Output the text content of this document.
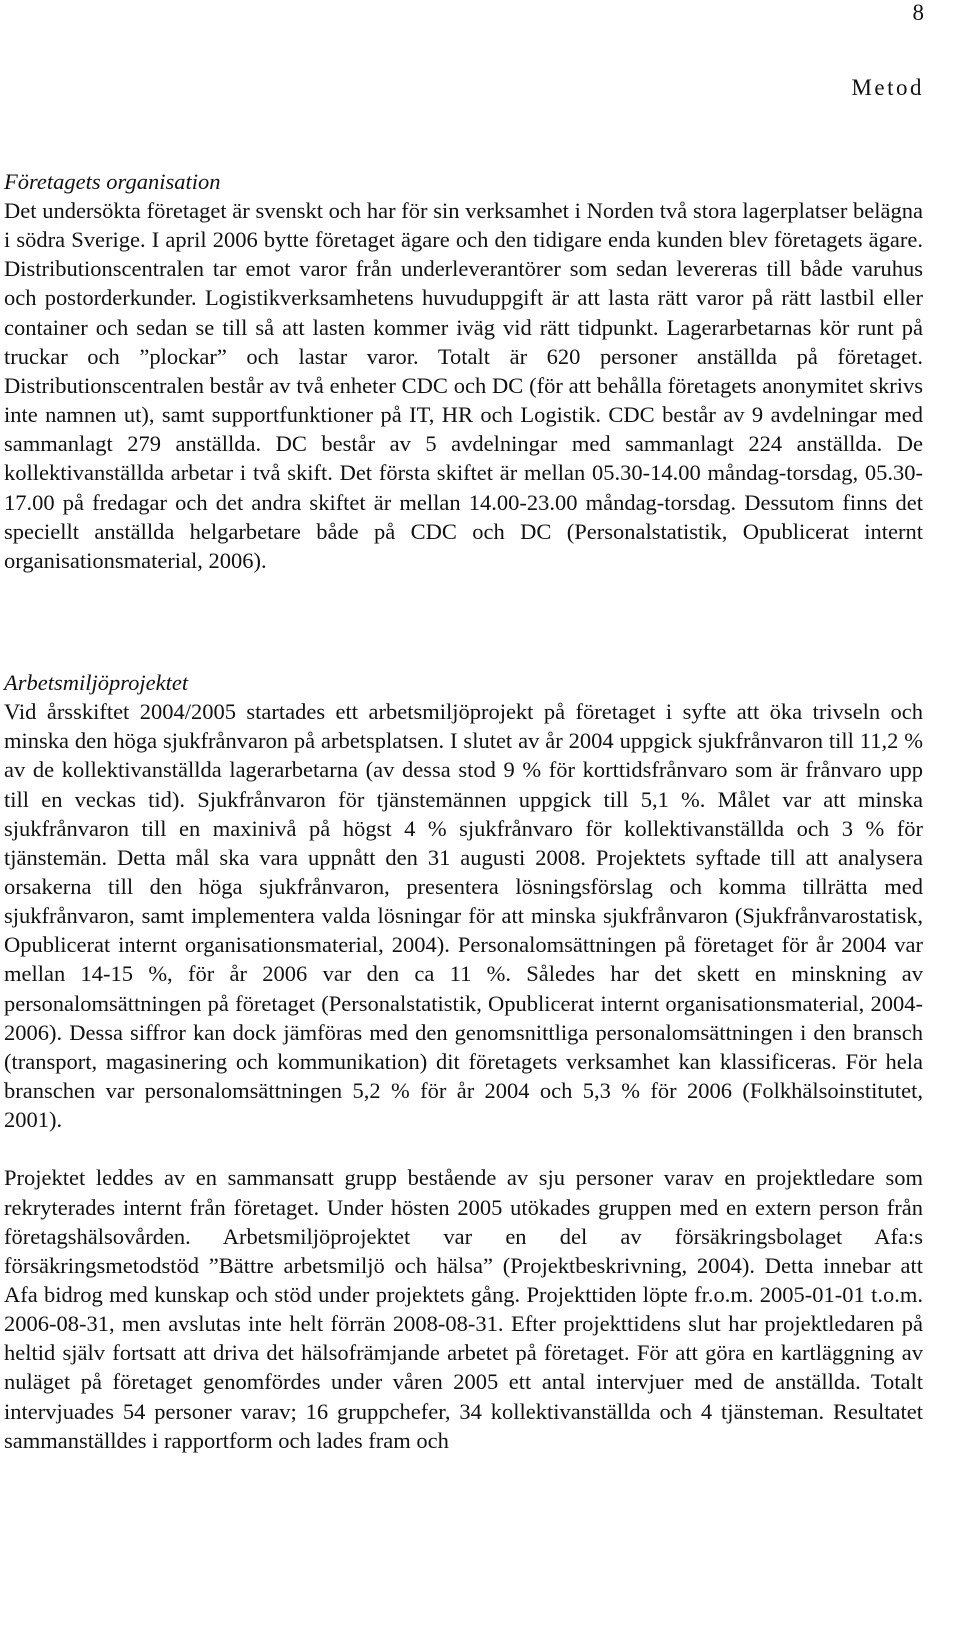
8
Metod
Företagets organisation

Det undersökta företaget är svenskt och har för sin verksamhet i Norden två stora lagerplatser belägna i södra Sverige. I april 2006 bytte företaget ägare och den tidigare enda kunden blev företagets ägare. Distributionscentralen tar emot varor från underleverantörer som sedan levereras till både varuhus och postorderkunder. Logistikverksamhetens huvuduppgift är att lasta rätt varor på rätt lastbil eller container och sedan se till så att lasten kommer iväg vid rätt tidpunkt. Lagerarbetarnas kör runt på truckar och ”plockar” och lastar varor. Totalt är 620 personer anställda på företaget. Distributionscentralen består av två enheter CDC och DC (för att behålla företagets anonymitet skrivs inte namnen ut), samt supportfunktioner på IT, HR och Logistik. CDC består av 9 avdelningar med sammanlagt 279 anställda. DC består av 5 avdelningar med sammanlagt 224 anställda. De kollektivanställda arbetar i två skift. Det första skiftet är mellan 05.30-14.00 måndag-torsdag, 05.30-17.00 på fredagar och det andra skiftet är mellan 14.00-23.00 måndag-torsdag. Dessutom finns det speciellt anställda helgarbetare både på CDC och DC (Personalstatistik, Opublicerat internt organisationsmaterial, 2006).

Arbetsmiljöprojektet

Vid årsskiftet 2004/2005 startades ett arbetsmiljöprojekt på företaget i syfte att öka trivseln och minska den höga sjukfrånvaron på arbetsplatsen. I slutet av år 2004 uppgick sjukfrånvaron till 11,2 % av de kollektivanställda lagerarbetarna (av dessa stod 9 % för korttidsfrånvaro som är frånvaro upp till en veckas tid). Sjukfrånvaron för tjänstemännen uppgick till 5,1 %. Målet var att minska sjukfrånvaron till en maxinivå på högst 4 % sjukfrånvaro för kollektivanställda och 3 % för tjänstemän. Detta mål ska vara uppnått den 31 augusti 2008. Projektets syftade till att analysera orsakerna till den höga sjukfrånvaron, presentera lösningsförslag och komma tillrätta med sjukfrånvaron, samt implementera valda lösningar för att minska sjukfrånvaron (Sjukfrånvarostatisk, Opublicerat internt organisationsmaterial, 2004). Personalomsättningen på företaget för år 2004 var mellan 14-15 %, för år 2006 var den ca 11 %. Således har det skett en minskning av personalomsättningen på företaget (Personalstatistik, Opublicerat internt organisationsmaterial, 2004-2006). Dessa siffror kan dock jämföras med den genomsnittliga personalomsättningen i den bransch (transport, magasinering och kommunikation) dit företagets verksamhet kan klassificeras. För hela branschen var personalomsättningen 5,2 % för år 2004 och 5,3 % för 2006 (Folkhälsoinstitutet, 2001).

Projektet leddes av en sammansatt grupp bestående av sju personer varav en projektledare som rekryterades internt från företaget. Under hösten 2005 utökades gruppen med en extern person från företagshälsovården. Arbetsmiljöprojektet var en del av försäkringsbolaget Afa:s försäkringsmetodstöd ”Bättre arbetsmiljö och hälsa” (Projektbeskrivning, 2004). Detta innebar att Afa bidrog med kunskap och stöd under projektets gång. Projekttiden löpte fr.o.m. 2005-01-01 t.o.m. 2006-08-31, men avslutas inte helt förrän 2008-08-31. Efter projekttidens slut har projektledaren på heltid själv fortsatt att driva det hälsofrämjande arbetet på företaget. För att göra en kartläggning av nuläget på företaget genomfördes under våren 2005 ett antal intervjuer med de anställda. Totalt intervjuades 54 personer varav; 16 gruppchefer, 34 kollektivanställda och 4 tjänsteman. Resultatet sammanställdes i rapportform och lades fram och
